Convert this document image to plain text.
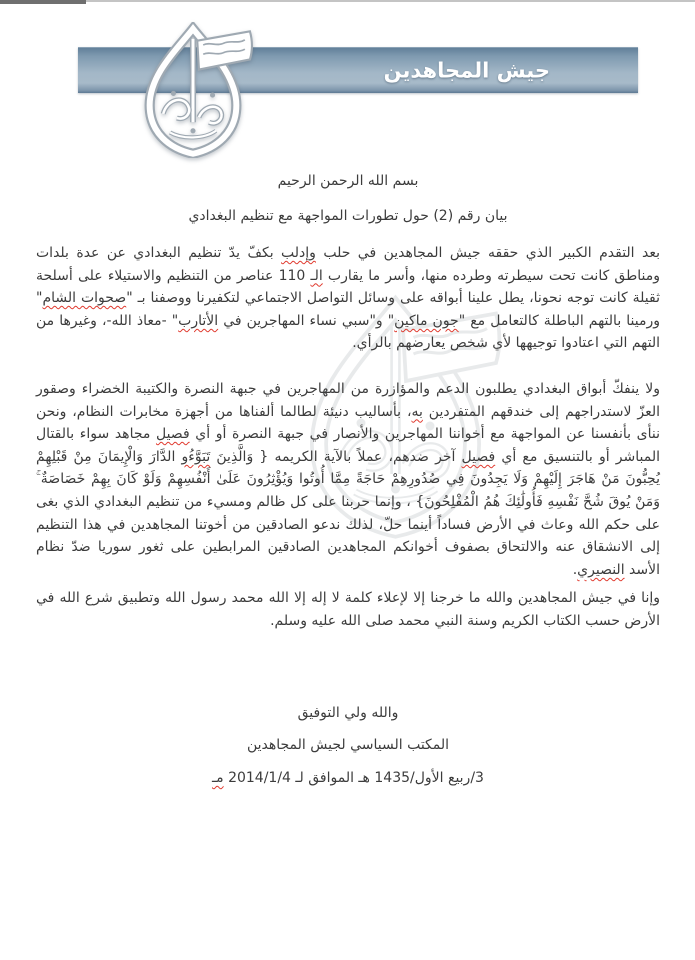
جيش المجاهدين
بسم الله الرحمن الرحيم
بيان رقم (2) حول تطورات المواجهة مع تنظيم البغدادي
بعد التقدم الكبير الذي حققه جيش المجاهدين في حلب وإدلب بكفّ يدّ تنظيم البغدادي عن عدة بلدات ومناطق كانت تحت سيطرته وطرده منها، وأسر ما يقارب الـ 110 عناصر من التنظيم والاستيلاء على أسلحة ثقيلة كانت توجه نحونا، يطل علينا أبواقه على وسائل التواصل الاجتماعي لتكفيرنا ووصفنا بـ "صحوات الشام" ورمينا بالتهم الباطلة كالتعامل مع "جون ماكين" و"سبي نساء المهاجرين في الأتارب" -معاذ الله-، وغيرها من التهم التي اعتادوا توجيهها لأي شخص يعارضهم بالرأي.
ولا ينفكّ أبواق البغدادي يطلبون الدعم والمؤازرة من المهاجرين في جبهة النصرة والكتيبة الخضراء وصقور العزّ لاستدراجهم إلى خندقهم المتفردين به، بأساليب دنيئة لطالما ألفناها من أجهزة مخابرات النظام، ونحن ننأى بأنفسنا عن المواجهة مع أخواننا المهاجرين والأنصار في جبهة النصرة أو أي فصيل مجاهد سواء بالقتال المباشر أو بالتنسيق مع أي فصيل آخر ضدهم، عملاً بالآية الكريمه { وَالَّذِينَ تَبَوَّءُو الدَّارَ وَالْإِيمَانَ مِنْ قَبْلِهِمْ يُحِبُّونَ مَنْ هَاجَرَ إِلَيْهِمْ وَلَا يَجِدُونَ فِي صُدُورِهِمْ حَاجَةً مِمَّا أُوتُوا وَيُؤْثِرُونَ عَلَىٰ أَنْفُسِهِمْ وَلَوْ كَانَ بِهِمْ خَصَاصَةٌ ۚ وَمَنْ يُوقَ شُحَّ نَفْسِهِ فَأُولَٰئِكَ هُمُ الْمُفْلِحُونَ} ، وإنما حربنا على كل ظالم ومسيء من تنظيم البغدادي الذي بغى على حكم الله وعاث في الأرض فساداً أينما حلّ، لذلك ندعو الصادقين من أخوتنا المجاهدين في هذا التنظيم إلى الانشقاق عنه والالتحاق بصفوف أخوانكم المجاهدين الصادقين المرابطين على ثغور سوريا ضدّ نظام الأسد النصيري.
وإنا في جيش المجاهدين والله ما خرجنا إلا لإعلاء كلمة لا إله إلا الله محمد رسول الله وتطبيق شرع الله في الأرض حسب الكتاب الكريم وسنة النبي محمد صلى الله عليه وسلم.
والله ولي التوفيق
المكتب السياسي لجيش المجاهدين
3/ربيع الأول/1435 هـ الموافق لـ 2014/1/4 مـ
